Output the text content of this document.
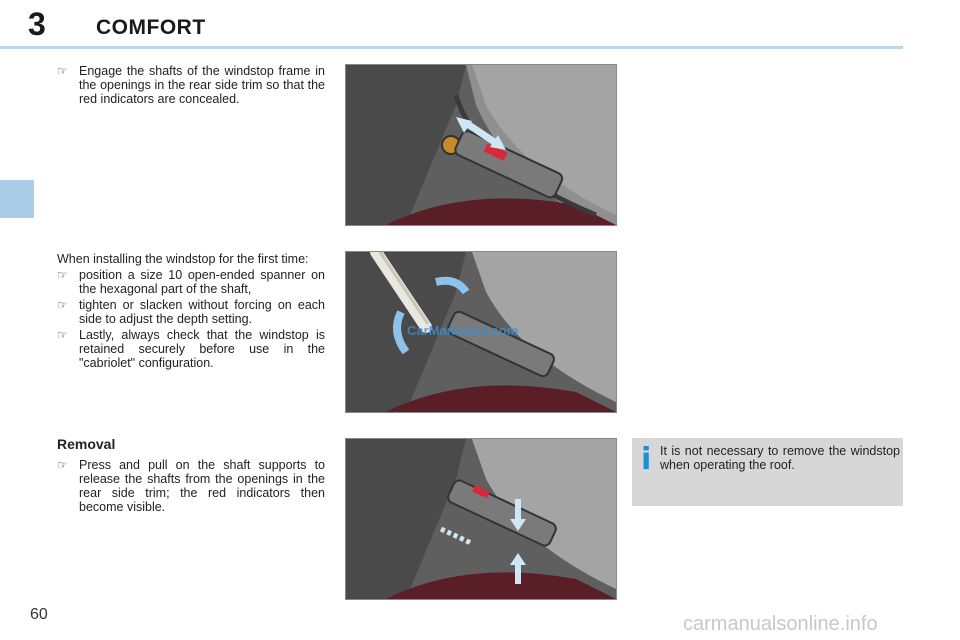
3 COMFORT
☞ Engage the shafts of the windstop frame in the openings in the rear side trim so that the red indicators are concealed.

When installing the windstop for the first time:

☞ position a size 10 open-ended spanner on the hexagonal part of the shaft,
☞ tighten or slacken without forcing on each side to adjust the depth setting.
☞ Lastly, always check that the windstop is retained securely before use in the "cabriolet" configuration.
Removal
☞ Press and pull on the shaft supports to release the shafts from the openings in the rear side trim; the red indicators then become visible.
CarManuals2.com
i It is not necessary to remove the windstop when operating the roof.
60	carmanualsonline.info
